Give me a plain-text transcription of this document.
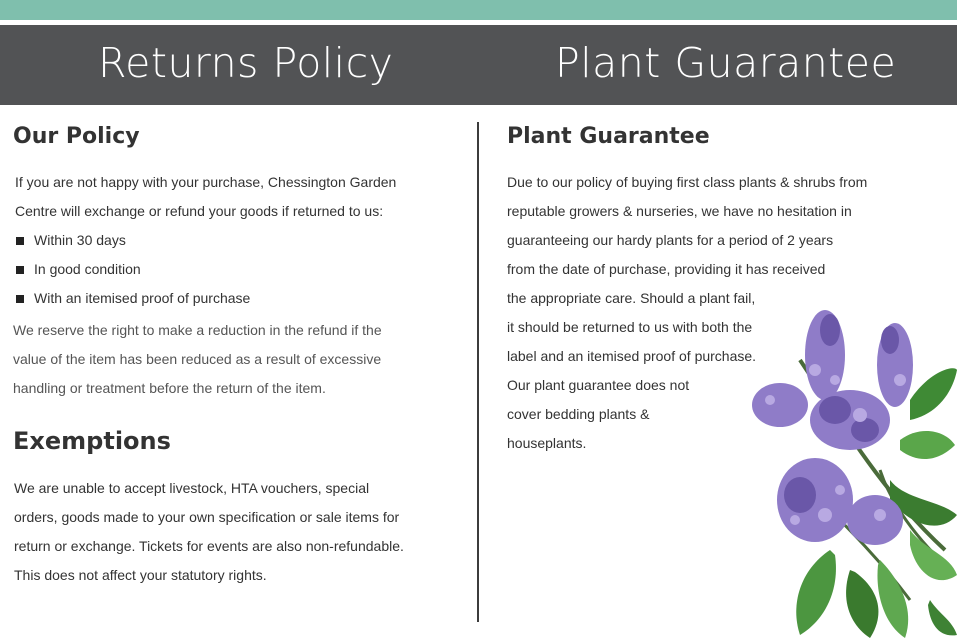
Returns Policy	Plant Guarantee
Our Policy

If you are not happy with your purchase, Chessington Garden
Centre will exchange or refund your goods if returned to us:

Within 30 days
In good condition
With an itemised proof of purchase

We reserve the right to make a reduction in the refund if the
value of the item has been reduced as a result of excessive
handling or treatment before the return of the item.

Exemptions

We are unable to accept livestock, HTA vouchers, special
orders, goods made to your own specification or sale items for
return or exchange. Tickets for events are also non-refundable.
This does not affect your statutory rights.

Plant Guarantee

Due to our policy of buying first class plants & shrubs from
reputable growers & nurseries, we have no hesitation in
guaranteeing our hardy plants for a period of 2 years
from the date of purchase, providing it has received
the appropriate care. Should a plant fail,
it should be returned to us with both the
label and an itemised proof of purchase.
Our plant guarantee does not
cover bedding plants &
houseplants.
